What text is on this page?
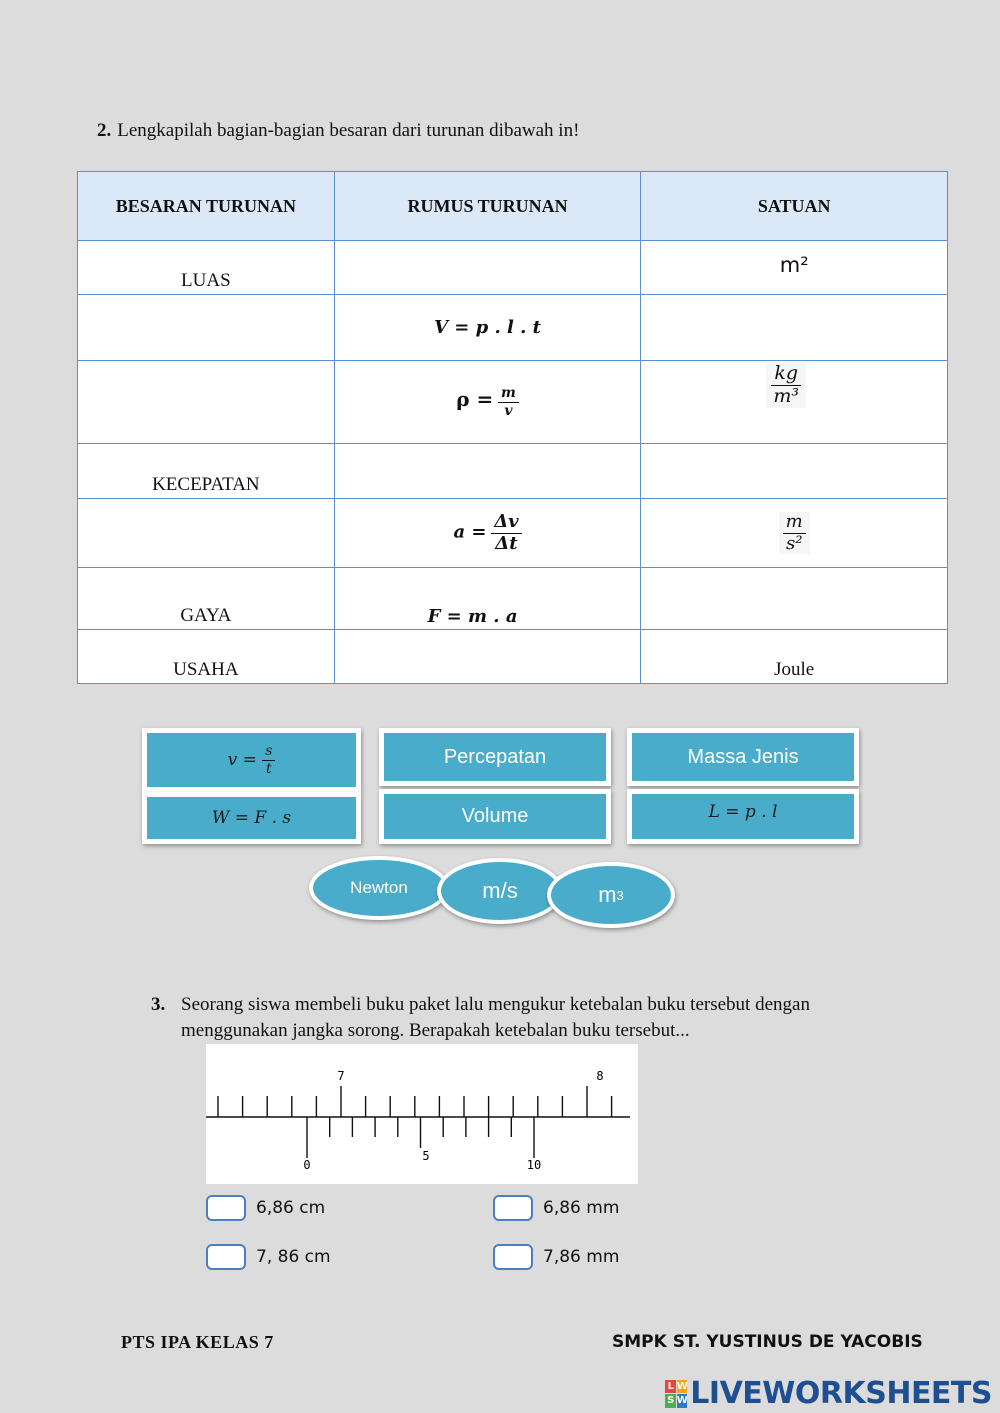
2. Lengkapilah bagian-bagian besaran dari turunan dibawah in!
BESARAN TURUNAN	RUMUS TURUNAN	SATUAN

LUAS		m²

	V = p . l . t	
	$\rho = \frac{m}{v}$	$\frac{kg}{\text{m³}}$

KECEPATAN		

	$a = \frac{\Delta v}{\Delta t}$	$\frac{m}{\text{s²}}$

GAYA	F = m . a	

USAHA		Joule
v =
$\frac{s}{t}$	Percepatan	Massa Jenis
W = F . s	Volume	L = p . l
Newton	m/s	m 3
3. Seorang siswa membeli buku paket lalu mengukur ketebalan buku tersebut dengan
menggunakan jangka sorong. Berapakah ketebalan buku tersebut...
7	8
0
5
10
6,86 cm	6,86 mm
7, 86 cm	7,86 mm
PTS IPA KELAS 7	SMPK ST. YUSTINUS DE YACOBIS
L W
S W LIVEWORKSHEETS
